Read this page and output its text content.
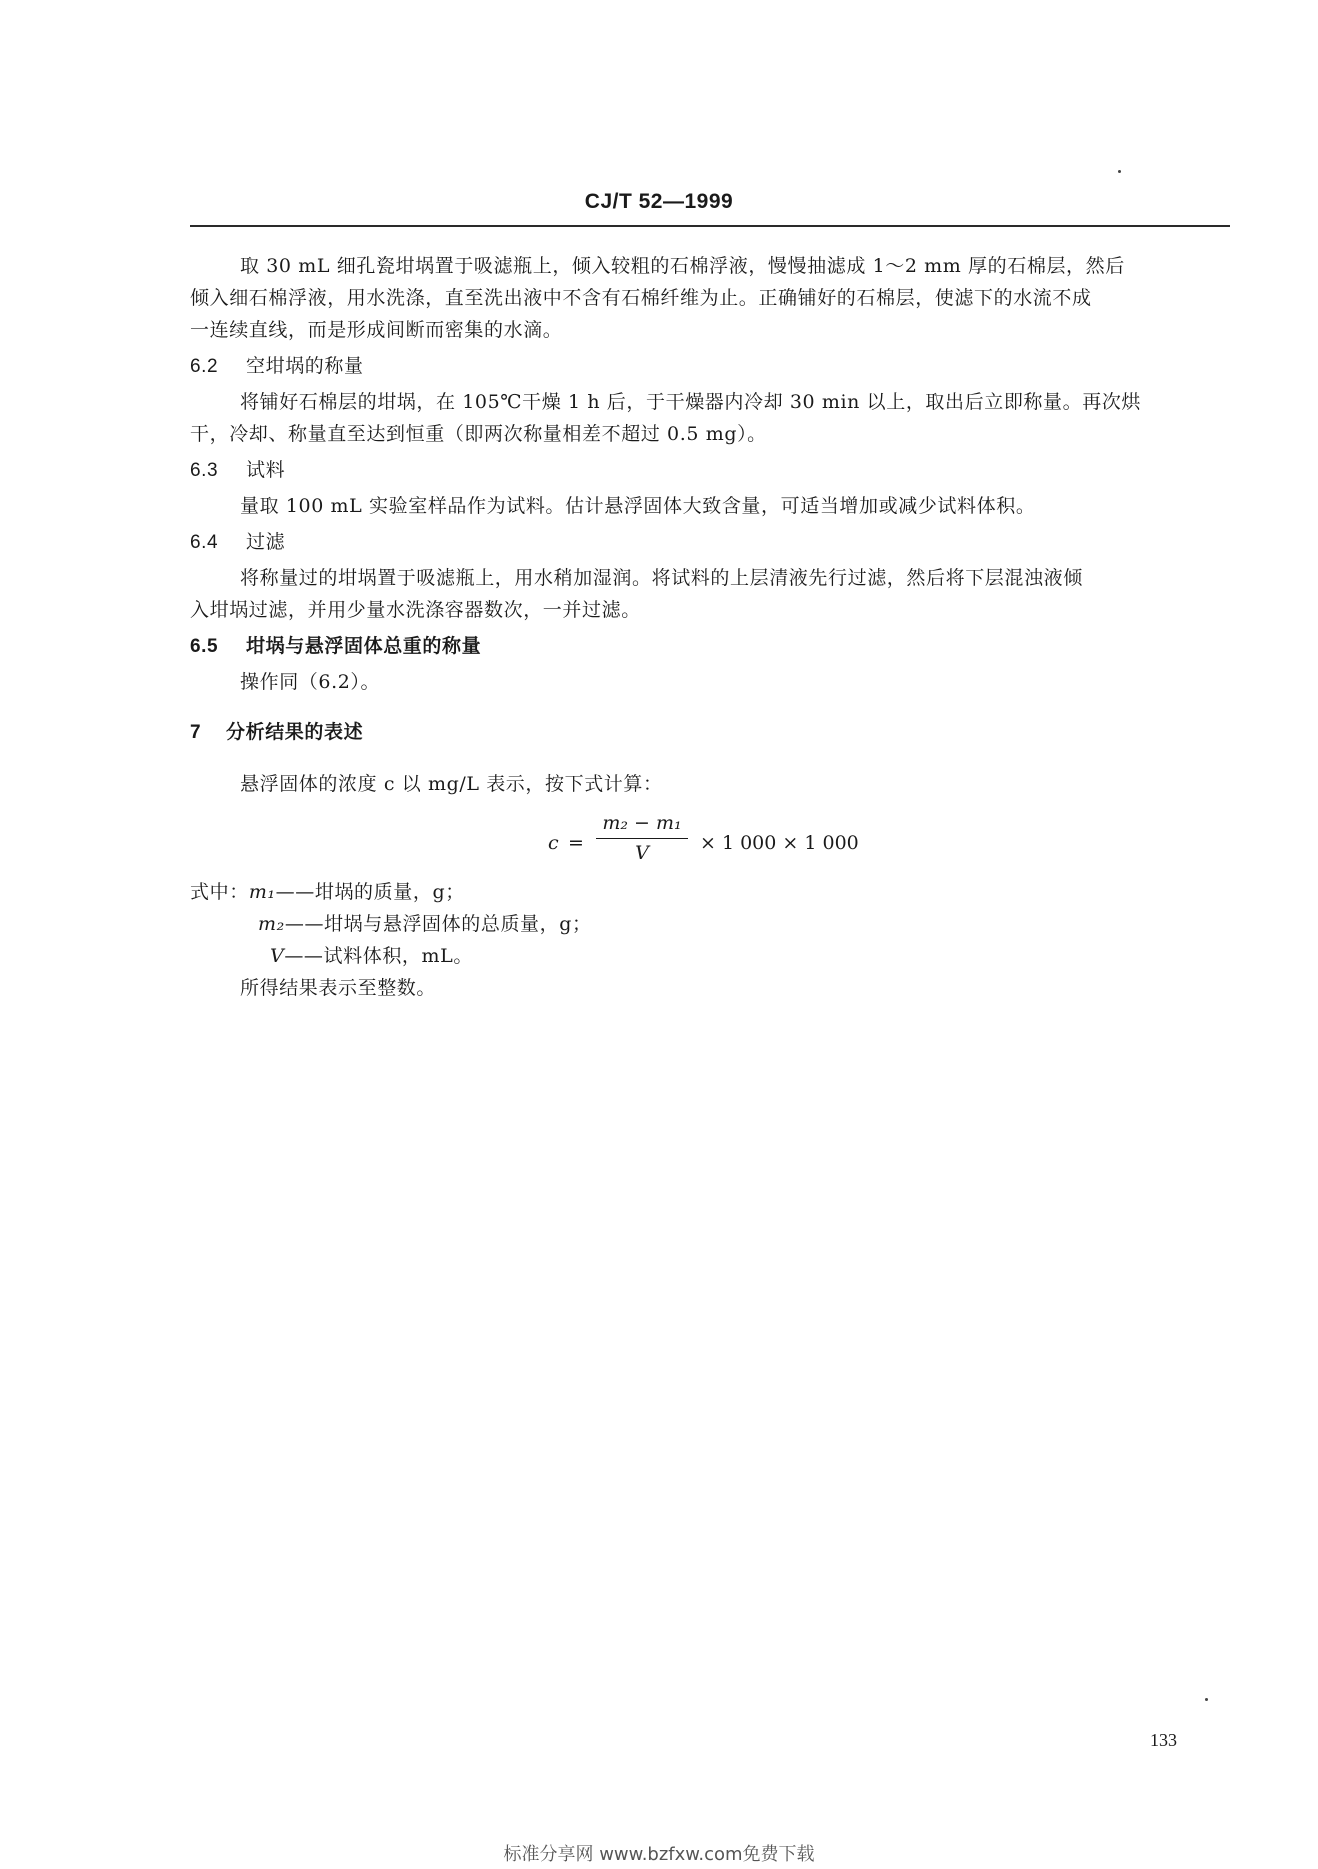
CJ/T 52—1999
取 30 mL 细孔瓷坩埚置于吸滤瓶上，倾入较粗的石棉浮液，慢慢抽滤成 1～2 mm 厚的石棉层，然后
倾入细石棉浮液，用水洗涤，直至洗出液中不含有石棉纤维为止。正确铺好的石棉层，使滤下的水流不成
一连续直线，而是形成间断而密集的水滴。
6.2 空坩埚的称量
将铺好石棉层的坩埚，在 105℃干燥 1 h 后，于干燥器内冷却 30 min 以上，取出后立即称量。再次烘
干，冷却、称量直至达到恒重（即两次称量相差不超过 0.5 mg）。
6.3 试料
量取 100 mL 实验室样品作为试料。估计悬浮固体大致含量，可适当增加或减少试料体积。
6.4 过滤
将称量过的坩埚置于吸滤瓶上，用水稍加湿润。将试料的上层清液先行过滤，然后将下层混浊液倾
入坩埚过滤，并用少量水洗涤容器数次，一并过滤。
6.5 坩埚与悬浮固体总重的称量
操作同（6.2）。
7 分析结果的表述
悬浮固体的浓度 c 以 mg/L 表示，按下式计算：
c =
m₂ − m₁
V	× 1 000 × 1 000
式中：m₁——坩埚的质量，g；
m₂——坩埚与悬浮固体的总质量，g；
V——试料体积，mL。
所得结果表示至整数。
133
标准分享网 www.bzfxw.com免费下载
